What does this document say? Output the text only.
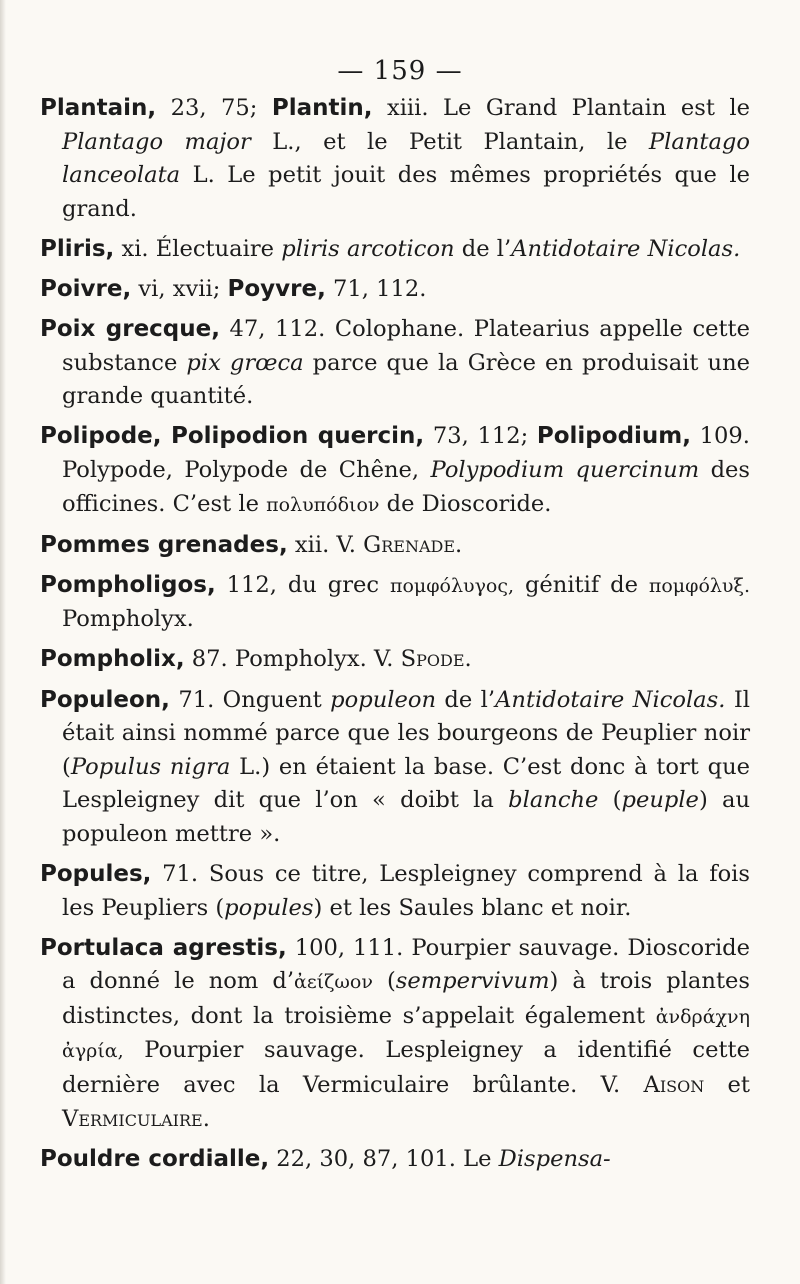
— 159 —

Plantain, 23, 75; Plantin, xiii. Le Grand Plantain est le Plantago major L., et le Petit Plantain, le Plantago lanceolata L. Le petit jouit des mêmes propriétés que le grand.

Pliris, xi. Électuaire pliris arcoticon de l’Antidotaire Nicolas.

Poivre, vi, xvii; Poyvre, 71, 112.

Poix grecque, 47, 112. Colophane. Platearius appelle cette substance pix grœca parce que la Grèce en produisait une grande quantité.

Polipode, Polipodion quercin, 73, 112; Polipodium, 109. Polypode, Polypode de Chêne, Polypodium quercinum des officines. C’est le πολυπόδιον de Dioscoride.

Pommes grenades, xii. V. Grenade.

Pompholigos, 112, du grec πομφόλυγος, génitif de πομφόλυξ. Pompholyx.

Pompholix, 87. Pompholyx. V. Spode.

Populeon, 71. Onguent populeon de l’Antidotaire Nicolas. Il était ainsi nommé parce que les bourgeons de Peuplier noir (Populus nigra L.) en étaient la base. C’est donc à tort que Lespleigney dit que l’on « doibt la blanche (peuple) au populeon mettre ».

Popules, 71. Sous ce titre, Lespleigney comprend à la fois les Peupliers (popules) et les Saules blanc et noir.

Portulaca agrestis, 100, 111. Pourpier sauvage. Dioscoride a donné le nom d’ἀείζωον (sempervivum) à trois plantes distinctes, dont la troisième s’appelait également ἀνδράχνη ἀγρία, Pourpier sauvage. Lespleigney a identifié cette dernière avec la Vermiculaire brûlante. V. Aison et Vermiculaire.

Pouldre cordialle, 22, 30, 87, 101. Le Dispensa-
